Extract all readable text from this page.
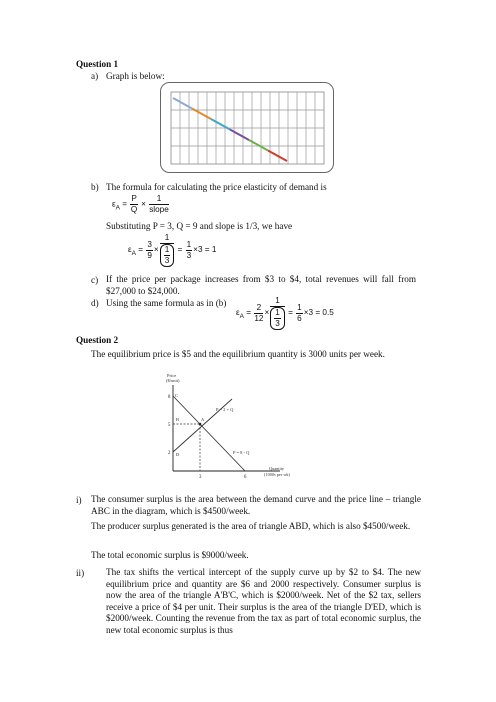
Question 1
a) Graph is below:
b) The formula for calculating the price elasticity of demand is
$\varepsilon_A = \frac{P}{Q} \times \frac{1}{\text{slope}}$
Substituting P = 3, Q = 9 and slope is 1/3, we have
$\varepsilon_A = \frac{3}{9} \times \frac{1}{\frac{1}{3}} = \frac{1}{3} \times 3 = 1$
c) If the price per package increases from $3 to $4, total revenues will fall from $27,000 to $24,000.
d) Using the same formula as in (b)
$\varepsilon_A = \frac{2}{12} \times \frac{1}{\frac{1}{3}} = \frac{1}{6} \times 3 = 0.5$
Question 2
The equilibrium price is $5 and the equilibrium quantity is 3000 units per week.
Price
($/unit)
8
5
2
3	6
A
B
C
D
P = 2 + Q
P = 8 - Q
Quantity
(1000s per wk)
i) The consumer surplus is the area between the demand curve and the price line – triangle ABC in the diagram, which is $4500/week.
The producer surplus generated is the area of triangle ABD, which is also $4500/week.
The total economic surplus is $9000/week.
ii) The tax shifts the vertical intercept of the supply curve up by $2 to $4. The new equilibrium price and quantity are $6 and 2000 respectively. Consumer surplus is now the area of the triangle A'B'C, which is $2000/week. Net of the $2 tax, sellers receive a price of $4 per unit. Their surplus is the area of the triangle D'ED, which is $2000/week. Counting the revenue from the tax as part of total economic surplus, the new total economic surplus is thus
